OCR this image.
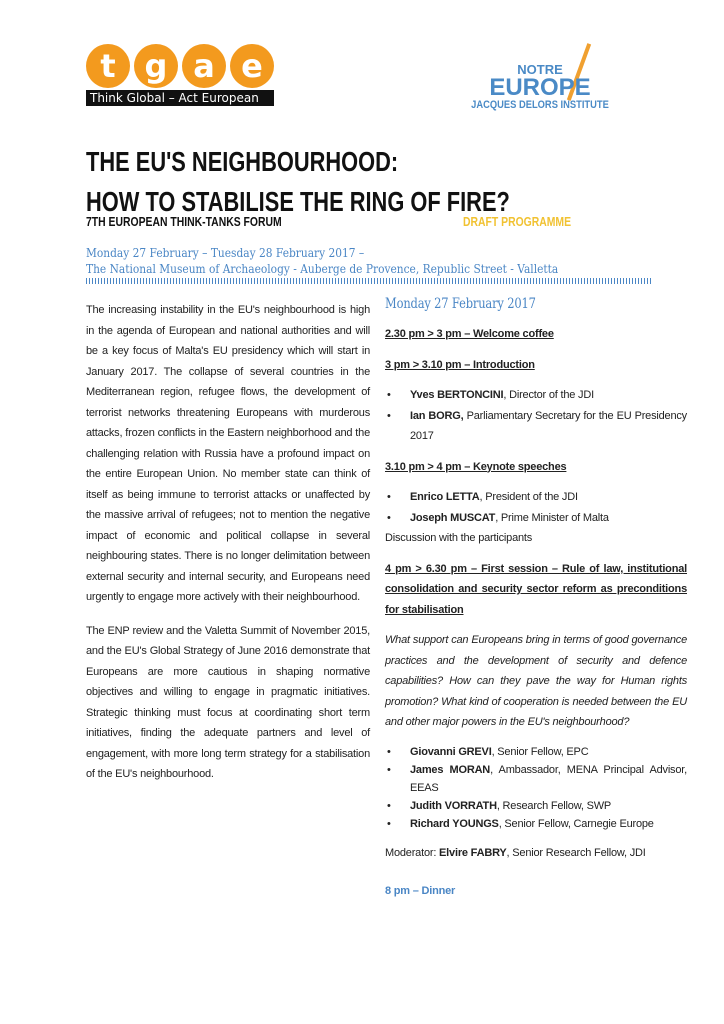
t g a e
Think Global – Act European
NOTRE
EUROPE
JACQUES DELORS INSTITUTE
THE EU'S NEIGHBOURHOOD:
HOW TO STABILISE THE RING OF FIRE?
7TH EUROPEAN THINK-TANKS FORUM	DRAFT PROGRAMME
Monday 27 February – Tuesday 28 February 2017 –
The National Museum of Archaeology - Auberge de Provence, Republic Street - Valletta

The increasing instability in the EU's neighbourhood is high in the agenda of European and national authorities and will be a key focus of Malta's EU presidency which will start in January 2017. The collapse of several countries in the Mediterranean region, refugee flows, the development of terrorist networks threatening Europeans with murderous attacks, frozen conflicts in the Eastern neighborhood and the challenging relation with Russia have a profound impact on the entire European Union. No member state can think of itself as being immune to terrorist attacks or unaffected by the massive arrival of refugees; not to mention the negative impact of economic and political collapse in several neighbouring states. There is no longer delimitation between external security and internal security, and Europeans need urgently to engage more actively with their neighbourhood.

The ENP review and the Valetta Summit of November 2015, and the EU's Global Strategy of June 2016 demonstrate that Europeans are more cautious in shaping normative objectives and willing to engage in pragmatic initiatives. Strategic thinking must focus at coordinating short term initiatives, finding the adequate partners and level of engagement, with more long term strategy for a stabilisation of the EU's neighbourhood.

Monday 27 February 2017
2.30 pm > 3 pm – Welcome coffee
3 pm > 3.10 pm – Introduction
• Yves BERTONCINI, Director of the JDI
• Ian BORG, Parliamentary Secretary for the EU Presidency 2017
3.10 pm > 4 pm – Keynote speeches
• Enrico LETTA, President of the JDI
• Joseph MUSCAT, Prime Minister of Malta

Discussion with the participants

4 pm > 6.30 pm – First session – Rule of law, institutional consolidation and security sector reform as preconditions for stabilisation

What support can Europeans bring in terms of good governance practices and the development of security and defence capabilities? How can they pave the way for Human rights promotion? What kind of cooperation is needed between the EU and other major powers in the EU's neighbourhood?

• Giovanni GREVI, Senior Fellow, EPC
• James MORAN, Ambassador, MENA Principal Advisor, EEAS
• Judith VORRATH, Research Fellow, SWP
• Richard YOUNGS, Senior Fellow, Carnegie Europe

Moderator: Elvire FABRY, Senior Research Fellow, JDI

8 pm – Dinner
